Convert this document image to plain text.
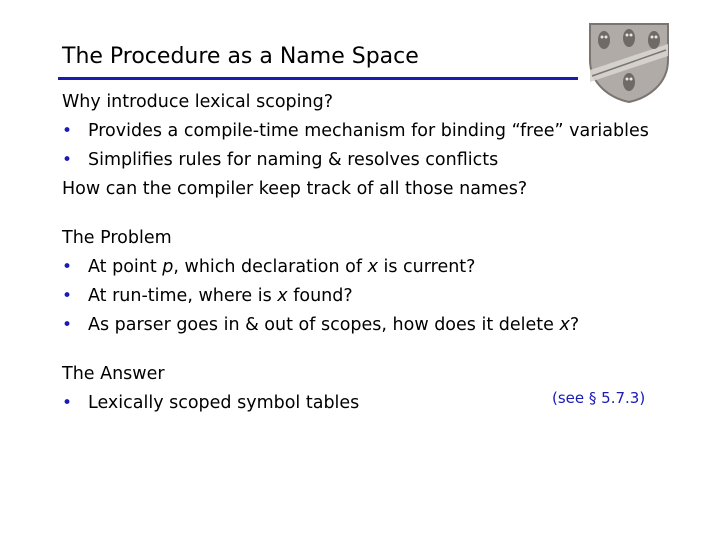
The Procedure as a Name Space
Why introduce lexical scoping?
• Provides a compile-time mechanism for binding “free” variables
• Simplifies rules for naming & resolves conflicts
How can the compiler keep track of all those names?
The Problem
• At point p, which declaration of x is current?
• At run-time, where is x found?
• As parser goes in & out of scopes, how does it delete x?
The Answer
• Lexically scoped symbol tables	(see § 5.7.3)
